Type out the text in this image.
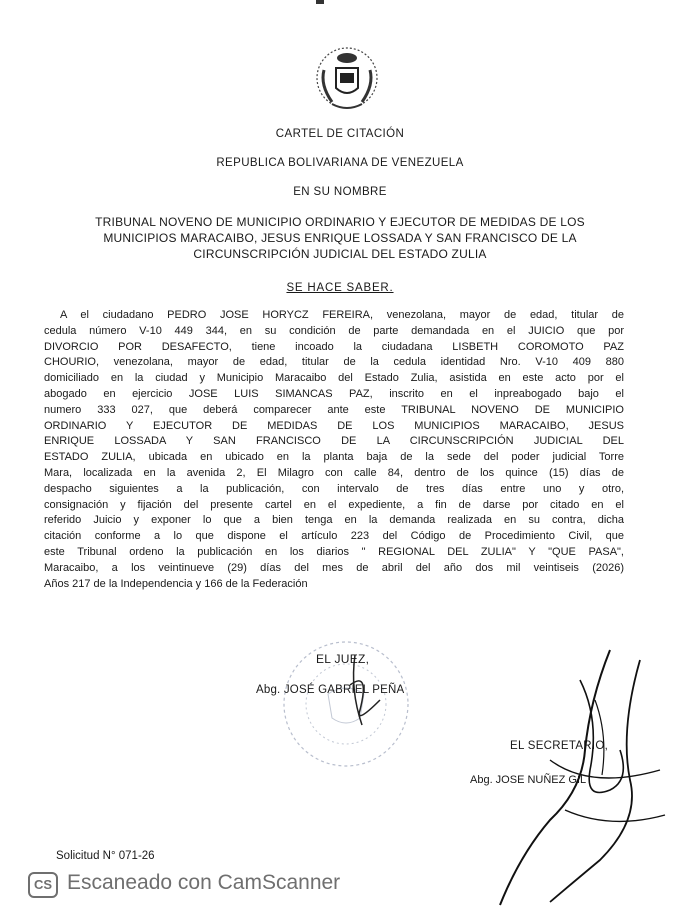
CARTEL DE CITACIÓN
REPUBLICA BOLIVARIANA DE VENEZUELA
EN SU NOMBRE
TRIBUNAL NOVENO DE MUNICIPIO ORDINARIO Y EJECUTOR DE MEDIDAS DE LOS
MUNICIPIOS MARACAIBO, JESUS ENRIQUE LOSSADA Y SAN FRANCISCO DE LA
CIRCUNSCRIPCIÓN JUDICIAL DEL ESTADO ZULIA
SE HACE SABER.
A el ciudadano PEDRO JOSE HORYCZ FEREIRA, venezolana, mayor de edad, titular de
cedula número V-10 449 344, en su condición de parte demandada en el JUICIO que por
DIVORCIO POR DESAFECTO, tiene incoado la ciudadana LISBETH COROMOTO PAZ
CHOURIO, venezolana, mayor de edad, titular de la cedula identidad Nro. V-10 409 880
domiciliado en la ciudad y Municipio Maracaibo del Estado Zulia, asistida en este acto por el
abogado en ejercicio JOSE LUIS SIMANCAS PAZ, inscrito en el inpreabogado bajo el
numero 333 027, que deberá comparecer ante este TRIBUNAL NOVENO DE MUNICIPIO
ORDINARIO Y EJECUTOR DE MEDIDAS DE LOS MUNICIPIOS MARACAIBO, JESUS
ENRIQUE LOSSADA Y SAN FRANCISCO DE LA CIRCUNSCRIPCIÓN JUDICIAL DEL
ESTADO ZULIA, ubicada en ubicado en la planta baja de la sede del poder judicial Torre
Mara, localizada en la avenida 2, El Milagro con calle 84, dentro de los quince (15) días de
despacho siguientes a la publicación, con intervalo de tres días entre uno y otro,
consignación y fijación del presente cartel en el expediente, a fin de darse por citado en el
referido Juicio y exponer lo que a bien tenga en la demanda realizada en su contra, dicha
citación conforme a lo que dispone el artículo 223 del Código de Procedimiento Civil, que
este Tribunal ordeno la publicación en los diarios " REGIONAL DEL ZULIA" Y "QUE PASA",
Maracaibo, a los veintinueve (29) días del mes de abril del año dos mil veintiseis (2026)
Años 217 de la Independencia y 166 de la Federación
EL JUEZ,
Abg. JOSÉ GABRIEL PEÑA
EL SECRETARIO,
Abg. JOSE NUÑEZ GIL
Solicitud N° 071-26
CS Escaneado con CamScanner
